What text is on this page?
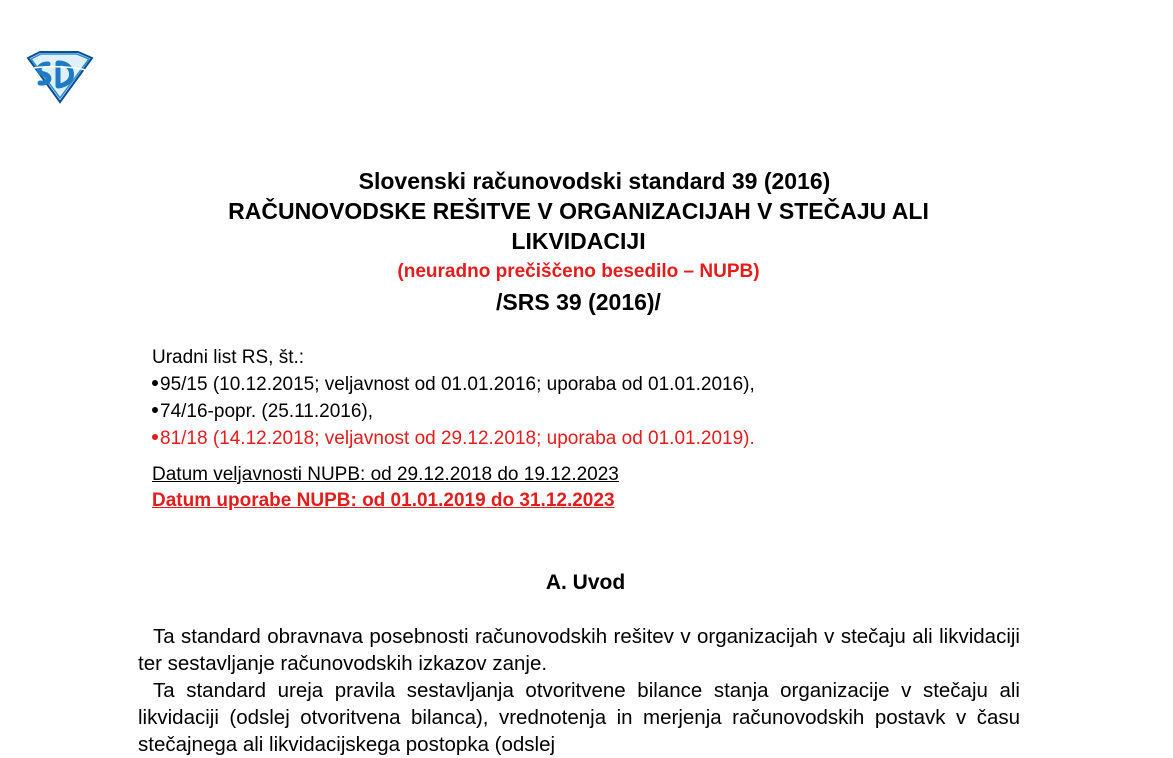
Slovenski računovodski standard 39 (2016)
RAČUNOVODSKE REŠITVE V ORGANIZACIJAH V STEČAJU ALI
LIKVIDACIJI
(neuradno prečiščeno besedilo – NUPB)
/SRS 39 (2016)/
Uradni list RS, št.:
95/15 (10.12.2015; veljavnost od 01.01.2016; uporaba od 01.01.2016),
74/16-popr. (25.11.2016),
81/18 (14.12.2018; veljavnost od 29.12.2018; uporaba od 01.01.2019).
Datum veljavnosti NUPB: od 29.12.2018 do 19.12.2023
Datum uporabe NUPB: od 01.01.2019 do 31.12.2023
A. Uvod

Ta standard obravnava posebnosti računovodskih rešitev v organizacijah v stečaju ali likvidaciji ter sestavljanje računovodskih izkazov zanje.

Ta standard ureja pravila sestavljanja otvoritvene bilance stanja organizacije v stečaju ali likvidaciji (odslej otvoritvena bilanca), vrednotenja in merjenja računovodskih postavk v času stečajnega ali likvidacijskega postopka (odslej
